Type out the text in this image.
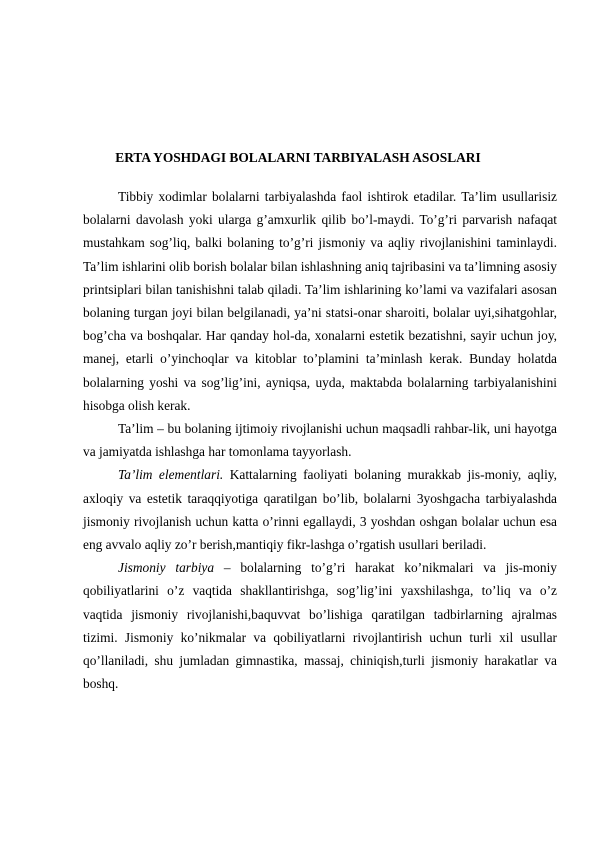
ERTA YOSHDAGI BOLALARNI TARBIYALASH ASOSLARI

Tibbiy xodimlar bolalarni tarbiyalashda faol ishtirok etadilar. Ta’lim usullarisiz bolalarni davolash yoki ularga g’amxurlik qilib bo’l-maydi. To’g’ri parvarish nafaqat mustahkam sog’liq, balki bolaning to’g’ri jismoniy va aqliy rivojlanishini taminlaydi. Ta’lim ishlarini olib borish bolalar bilan ishlashning aniq tajribasini va ta’limning asosiy printsiplari bilan tanishishni talab qiladi. Ta’lim ishlarining ko’lami va vazifalari asosan bolaning turgan joyi bilan belgilanadi, ya’ni statsi-onar sharoiti, bolalar uyi,sihatgohlar, bog’cha va boshqalar. Har qanday hol-da, xonalarni estetik bezatishni, sayir uchun joy, manej, etarli o’yinchoqlar va kitoblar to’plamini ta’minlash kerak. Bunday holatda bolalarning yoshi va sog’lig’ini, ayniqsa, uyda, maktabda bolalarning tarbiyalanishini hisobga olish kerak.

Ta’lim – bu bolaning ijtimoiy rivojlanishi uchun maqsadli rahbar-lik, uni hayotga va jamiyatda ishlashga har tomonlama tayyorlash.

Ta’lim elementlari. Kattalarning faoliyati bolaning murakkab jis-moniy, aqliy, axloqiy va estetik taraqqiyotiga qaratilgan bo’lib, bolalarni 3yoshgacha tarbiyalashda jismoniy rivojlanish uchun katta o’rinni egallaydi, 3 yoshdan oshgan bolalar uchun esa eng avvalo aqliy zo’r berish,mantiqiy fikr-lashga o’rgatish usullari beriladi.

Jismoniy tarbiya – bolalarning to’g’ri harakat ko’nikmalari va jis-moniy qobiliyatlarini o’z vaqtida shakllantirishga, sog’lig’ini yaxshilashga, to’liq va o’z vaqtida jismoniy rivojlanishi,baquvvat bo’lishiga qaratilgan tadbirlarning ajralmas tizimi. Jismoniy ko’nikmalar va qobiliyatlarni rivojlantirish uchun turli xil usullar qo’llaniladi, shu jumladan gimnastika, massaj, chiniqish,turli jismoniy harakatlar va boshq.
